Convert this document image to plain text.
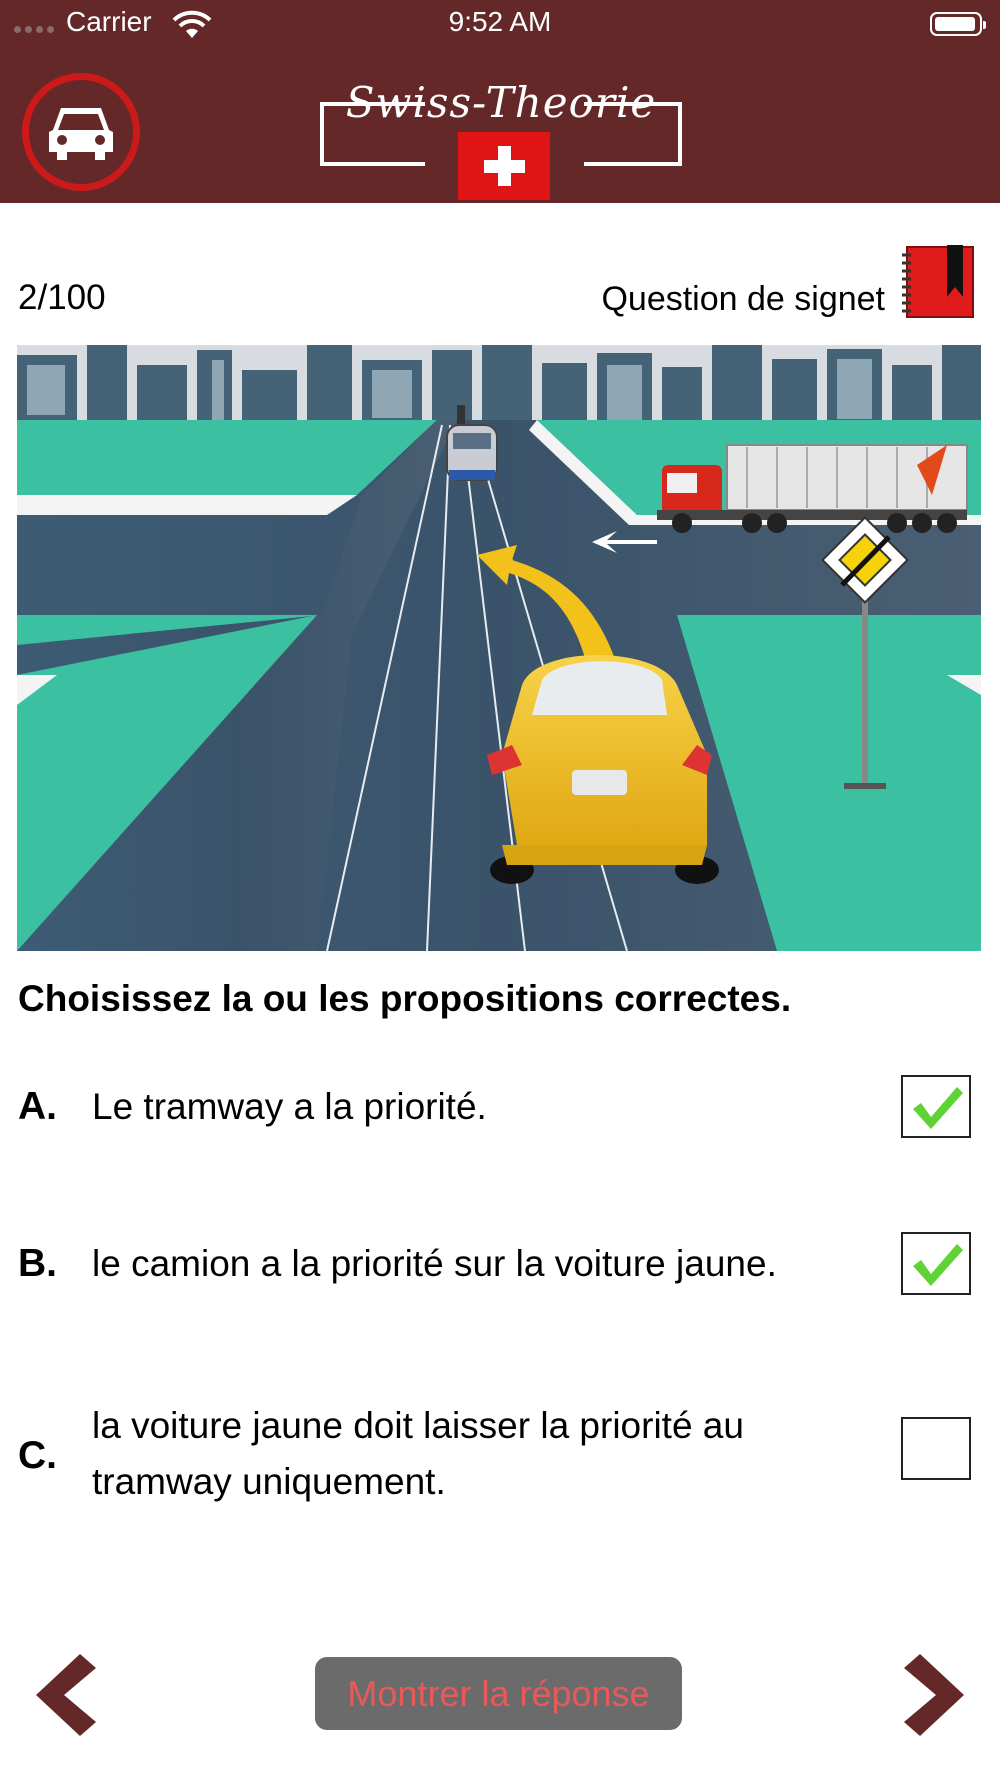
Carrier	9:52 AM
Swiss-Theorie
2/100	Question de signet
Choisissez la ou les propositions correctes.
A. Le tramway a la priorité.
B. le camion a la priorité sur la voiture jaune.
C.
la voiture jaune doit laisser la priorité au tramway uniquement.
Montrer la réponse
